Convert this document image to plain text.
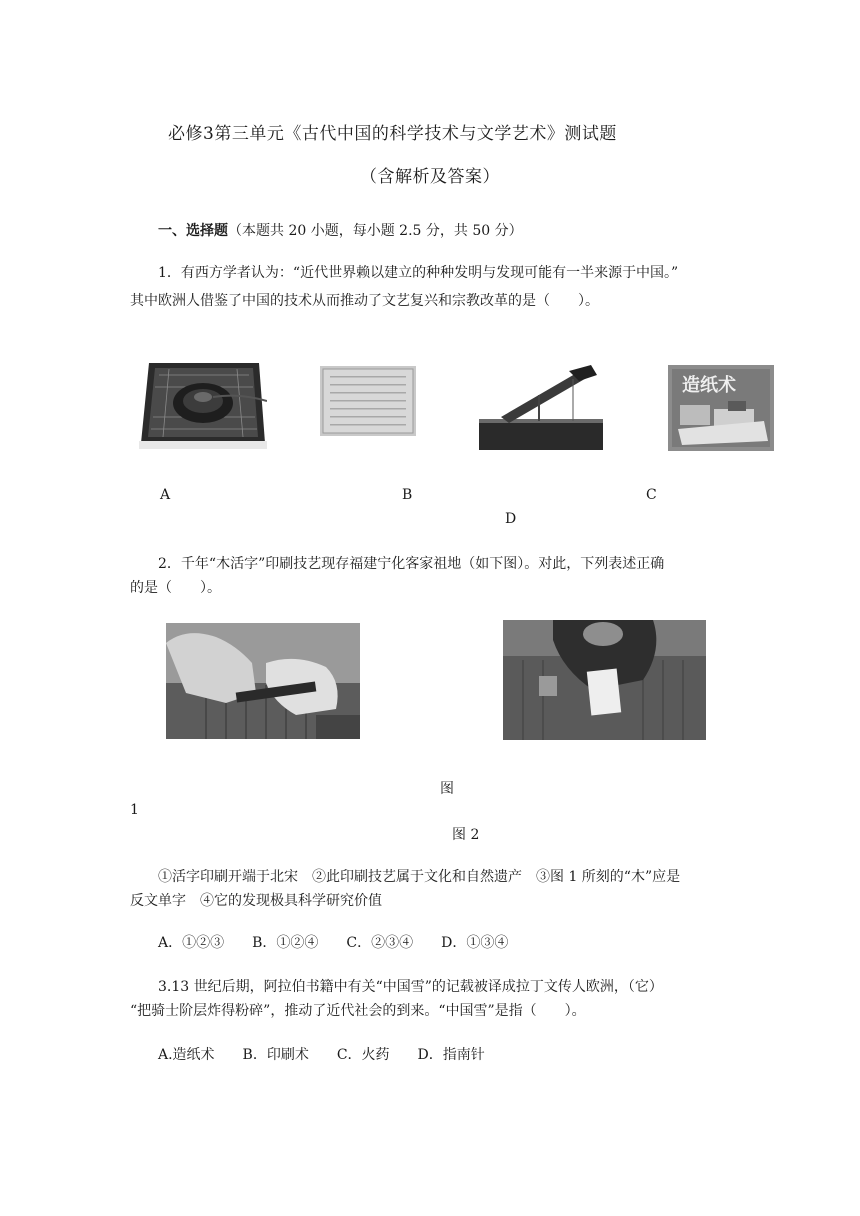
必修3第三单元《古代中国的科学技术与文学艺术》测试题
（含解析及答案）
一、选择题（本题共 20 小题，每小题 2.5 分，共 50 分）
1．有西方学者认为：“近代世界赖以建立的种种发明与发现可能有一半来源于中国。”
其中欧洲人借鉴了中国的技术从而推动了文艺复兴和宗教改革的是（　　）。
造纸术
A	B	C
D
2．千年“木活字”印刷技艺现存福建宁化客家祖地（如下图）。对此，下列表述正确
的是（　　）。
图
1
图 2
①活字印刷开端于北宋　②此印刷技艺属于文化和自然遗产　③图 1 所刻的“木”应是
反文单字　④它的发现极具科学研究价值
A．①②③　　B．①②④　　C．②③④　　D．①③④
3.13 世纪后期，阿拉伯书籍中有关“中国雪”的记载被译成拉丁文传人欧洲，（它）
“把骑士阶层炸得粉碎”，推动了近代社会的到来。“中国雪”是指（　　）。
A.造纸术　　B．印刷术　　C．火药　　D．指南针
